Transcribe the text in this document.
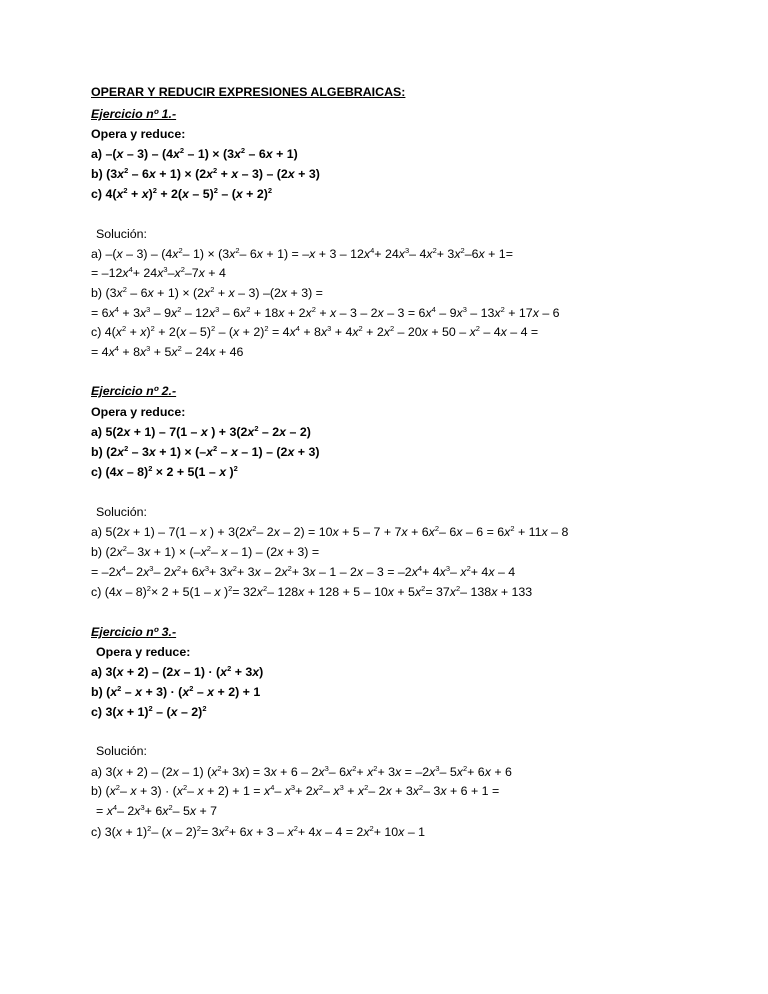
OPERAR Y REDUCIR EXPRESIONES ALGEBRAICAS:
Ejercicio nº 1.-
Opera y reduce:
a) $-(x - 3) - (4x^2 - 1) \times (3x^2 - 6x + 1)$
b) $(3x^2 - 6x + 1) \times (2x^2 + x - 3) - (2x + 3)$
c) $4(x^2 + x)^2 + 2(x - 5)^2 - (x + 2)^2$
Solución:
a) $-(x - 3) - (4x^2-$ $1) \times (3x^2-$ $6x + 1) = -x + 3 - 12x^4+ 24x^3-$ $4x^2+ 3x^2-6x + 1=$
= $-12x^4+ 24x^3-x^2-7x + 4$
b) $(3x^2 - 6x + 1) \times (2x^2 + x - 3) -(2x + 3)$ =
= $6x^4 + 3x^3 - 9x^2 - 12x^3 - 6x^2 + 18x + 2x^2 + x - 3 - 2x - 3 = 6x^4 - 9x^3 - 13x^2 + 17x - 6$
c) $4(x^2 + x)^2 + 2(x - 5)^2 - (x + 2)^2 = 4x^4 + 8x^3 + 4x^2 + 2x^2 - 20x + 50 - x^2 - 4x - 4$ =
= $4x^4 + 8x^3 + 5x^2 - 24x + 46$
Ejercicio nº 2.-
Opera y reduce:
a) 5(2x + 1) – 7(1 – x ) + $3(2x^2 - 2x - 2)$
b) $(2x^2 - 3x + 1) \times (-x^2 - x - 1) - (2x + 3)$
c) (4x – 8)$^2$ × 2 + 5(1 – x )$^2$
Solución:
a) 5(2x + 1) – 7(1 – x ) + $3(2x^2-$ $2x - 2) = 10x + 5 - 7 + 7x + 6x^2-$ $6x - 6 = 6x^2 + 11x - 8$
b) ($2x^2-$ $3x + 1) \times (-x^2-$ x – 1) – (2x + 3) =
= $-2x^4-$ $2x^3-$ $2x^2+ 6x^3+ 3x^2+ 3x - 2x^2+ 3x - 1 - 2x - 3 = -2x^4+ 4x^3-$ $x^2+ 4x - 4$
c) (4x – 8)$^2$× 2 + 5(1 – x )$^2= 32x^2-$ $128x + 128 + 5 - 10x + 5x^2= 37x^2-$ 138x + 133
Ejercicio nº 3.-
Opera y reduce:
a) $3(x + 2) - (2x - 1) \cdot (x^2 + 3x)$
b) $(x^2 - x + 3) \cdot (x^2 - x + 2) + 1$
c) $3(x + 1)^2 - (x - 2)^2$
Solución:
a) 3(x + 2) – (2x – 1) $(x^2+ 3x) = 3x + 6 - 2x^3-$ $6x^2+ x^2+ 3x = -2x^3-$ $5x^2+ 6x + 6$
b) ($x^2-$ $x + 3) \cdot (x^2-$ $x + 2) + 1 = x^4-$ $x^3+ 2x^2-$ $x^3 + x^2-$ $2x + 3x^2-$ 3x + 6 + 1 =
= $x^4-$ $2x^3+ 6x^2-$ 5x + 7
c) $3(x + 1)^2-$ $(x - 2)^2= 3x^2+ 6x + 3 - x^2+ 4x - 4 = 2x^2+ 10x - 1$
